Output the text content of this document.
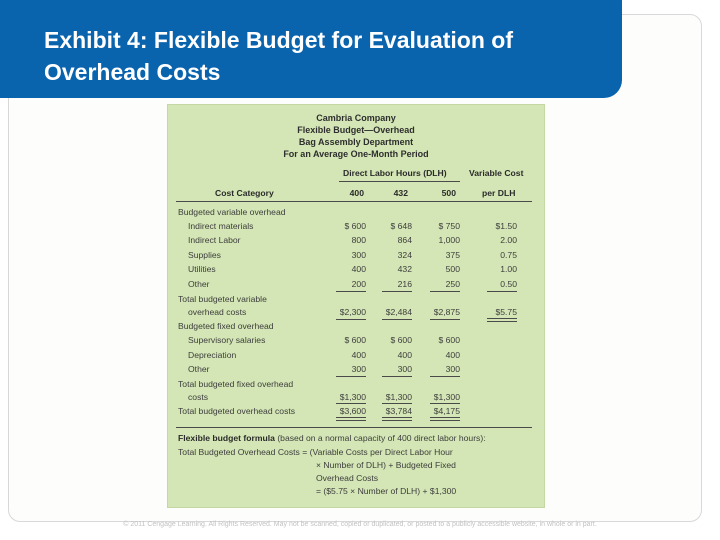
Exhibit 4: Flexible Budget for Evaluation of Overhead Costs
Cambria Company
Flexible Budget—Overhead
Bag Assembly Department
For an Average One-Month Period
Direct Labor Hours (DLH)	Variable Cost
Cost Category	400	432	500	per DLH
Budgeted variable overhead
Indirect materials	$ 600	$ 648	$ 750	$1.50
Indirect Labor	800	864	1,000	2.00
Supplies	300	324	375	0.75
Utilities	400	432	500	1.00
Other	200	216	250	0.50
Total budgeted variable
overhead costs	$2,300	$2,484	$2,875	$5.75
Budgeted fixed overhead
Supervisory salaries	$ 600	$ 600	$ 600
Depreciation	400	400	400
Other	300	300	300
Total budgeted fixed overhead
costs	$1,300	$1,300	$1,300
Total budgeted overhead costs	$3,600	$3,784	$4,175
Flexible budget formula (based on a normal capacity of 400 direct labor hours):
Total Budgeted Overhead Costs = (Variable Costs per Direct Labor Hour
× Number of DLH) + Budgeted Fixed
Overhead Costs
= ($5.75 × Number of DLH) + $1,300
© 2011 Cengage Learning. All Rights Reserved. May not be scanned, copied or duplicated, or posted to a publicly accessible website, in whole or in part.
